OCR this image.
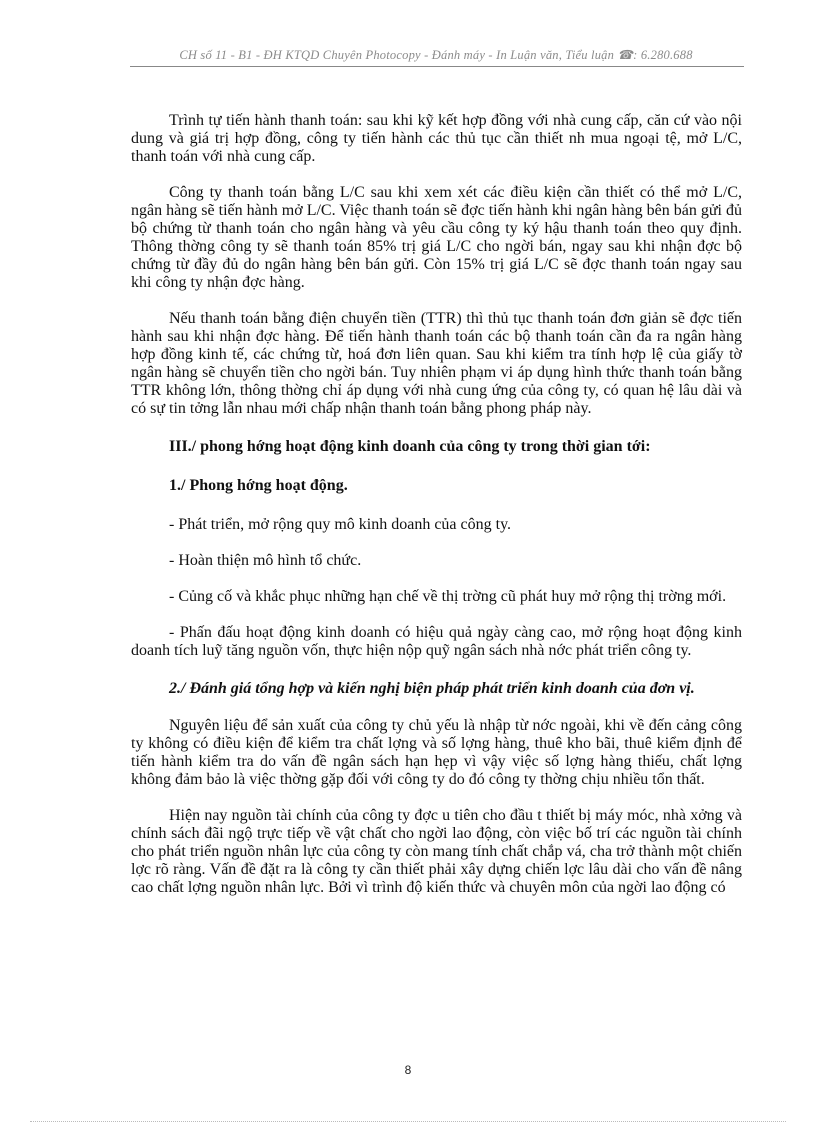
CH số 11 - B1 - ĐH KTQD Chuyên Photocopy - Đánh máy - In Luận văn, Tiểu luận ☎: 6.280.688

Trình tự tiến hành thanh toán: sau khi kỹ kết hợp đồng với nhà cung cấp, căn cứ vào nội dung và giá trị hợp đồng, công ty tiến hành các thủ tục cần thiết nh mua ngoại tệ, mở L/C, thanh toán với nhà cung cấp.

Công ty thanh toán bằng L/C sau khi xem xét các điều kiện cần thiết có thể mở L/C, ngân hàng sẽ tiến hành mở L/C. Việc thanh toán sẽ đợc tiến hành khi ngân hàng bên bán gửi đủ bộ chứng từ thanh toán cho ngân hàng và yêu cầu công ty ký hậu thanh toán theo quy định. Thông thờng công ty sẽ thanh toán 85% trị giá L/C cho ngời bán, ngay sau khi nhận đợc bộ chứng từ đầy đủ do ngân hàng bên bán gửi. Còn 15% trị giá L/C sẽ đợc thanh toán ngay sau khi công ty nhận đợc hàng.

Nếu thanh toán bằng điện chuyển tiền (TTR) thì thủ tục thanh toán đơn giản sẽ đợc tiến hành sau khi nhận đợc hàng. Để tiến hành thanh toán các bộ thanh toán cần đa ra ngân hàng hợp đồng kinh tế, các chứng từ, hoá đơn liên quan. Sau khi kiểm tra tính hợp lệ của giấy tờ ngân hàng sẽ chuyển tiền cho ngời bán. Tuy nhiên phạm vi áp dụng hình thức thanh toán bằng TTR không lớn, thông thờng chỉ áp dụng với nhà cung ứng của công ty, có quan hệ lâu dài và có sự tin tởng lẫn nhau mới chấp nhận thanh toán bằng phong pháp này.

III./ phong hớng hoạt động kinh doanh của công ty trong thời gian tới:
1./ Phong hớng hoạt động.

- Phát triển, mở rộng quy mô kinh doanh của công ty.

- Hoàn thiện mô hình tổ chức.

- Củng cố và khắc phục những hạn chế về thị trờng cũ phát huy mở rộng thị trờng mới.

- Phấn đấu hoạt động kinh doanh có hiệu quả ngày càng cao, mở rộng hoạt động kinh doanh tích luỹ tăng nguồn vốn, thực hiện nộp quỹ ngân sách nhà nớc phát triển công ty.

2./ Đánh giá tổng hợp và kiến nghị biện pháp phát triển kinh doanh của đơn vị.

Nguyên liệu để sản xuất của công ty chủ yếu là nhập từ nớc ngoài, khi về đến cảng công ty không có điều kiện để kiểm tra chất lợng và số lợng hàng, thuê kho bãi, thuê kiểm định để tiến hành kiểm tra do vấn đề ngân sách hạn hẹp vì vậy việc số lợng hàng thiếu, chất lợng không đảm bảo là việc thờng gặp đối với công ty do đó công ty thờng chịu nhiều tổn thất.

Hiện nay nguồn tài chính của công ty đợc u tiên cho đầu t thiết bị máy móc, nhà xởng và chính sách đãi ngộ trực tiếp về vật chất cho ngời lao động, còn việc bố trí các nguồn tài chính cho phát triển nguồn nhân lực của công ty còn mang tính chất chắp vá, cha trở thành một chiến lợc rõ ràng. Vấn đề đặt ra là công ty cần thiết phải xây dựng chiến lợc lâu dài cho vấn đề nâng cao chất lợng nguồn nhân lực. Bởi vì trình độ kiến thức và chuyên môn của ngời lao động có

8
